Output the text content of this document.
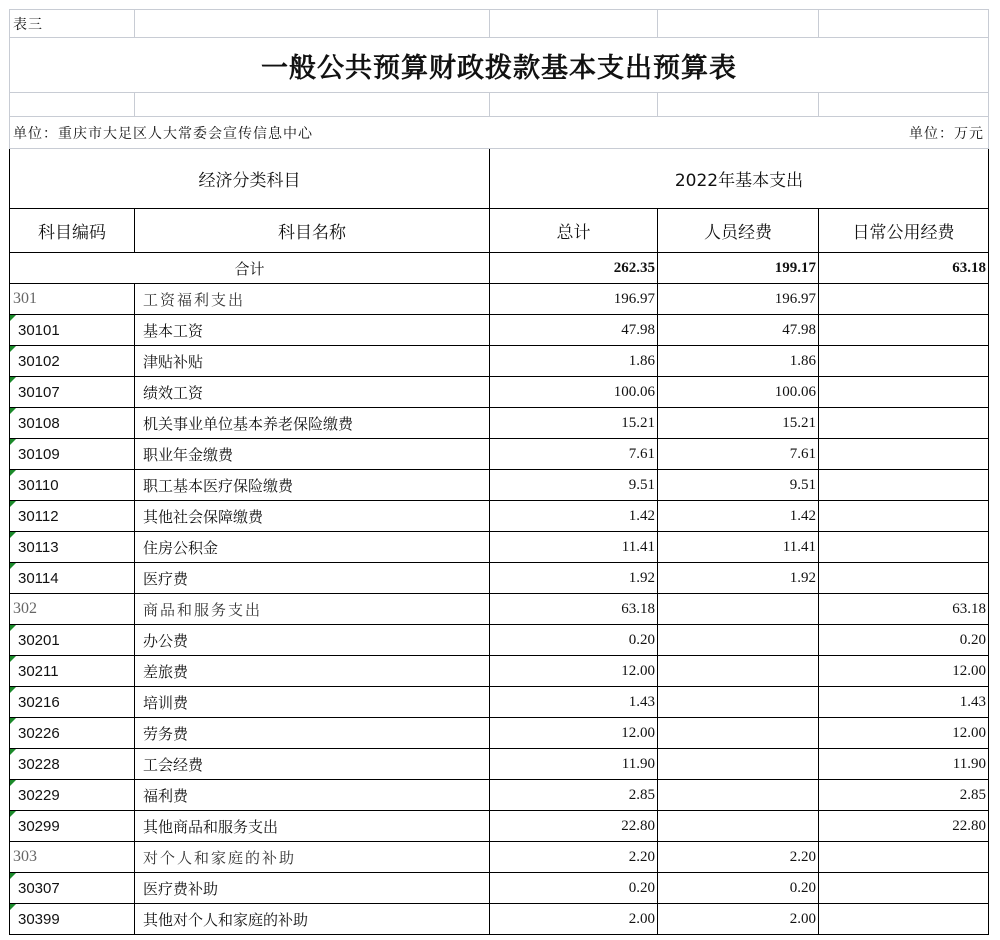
表三				
一般公共预算财政拨款基本支出预算表				

单位：重庆市大足区人大常委会宣传信息中心				单位：万元
经济分类科目		2022年基本支出		
科目编码	科目名称	总计	人员经费	日常公用经费
合计		262.35	199.17	63.18
301	工资福利支出	196.97	196.97	
30101	基本工资	47.98	47.98	
30102	津贴补贴	1.86	1.86	
30107	绩效工资	100.06	100.06	
30108	机关事业单位基本养老保险缴费	15.21	15.21	
30109	职业年金缴费	7.61	7.61	
30110	职工基本医疗保险缴费	9.51	9.51	
30112	其他社会保障缴费	1.42	1.42	
30113	住房公积金	11.41	11.41	
30114	医疗费	1.92	1.92	
302	商品和服务支出	63.18		63.18
30201	办公费	0.20		0.20
30211	差旅费	12.00		12.00
30216	培训费	1.43		1.43
30226	劳务费	12.00		12.00
30228	工会经费	11.90		11.90
30229	福利费	2.85		2.85
30299	其他商品和服务支出	22.80		22.80
303	对个人和家庭的补助	2.20	2.20	
30307	医疗费补助	0.20	0.20	
30399	其他对个人和家庭的补助	2.00	2.00	
